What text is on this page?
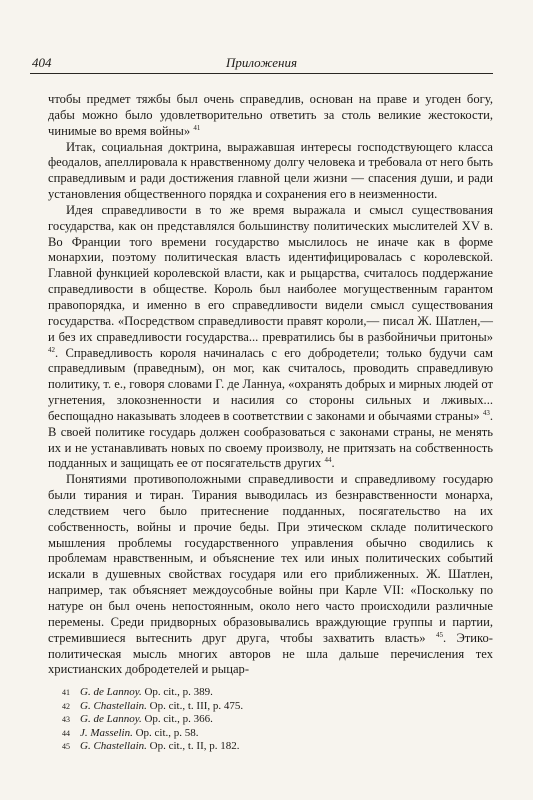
404	Приложения

чтобы предмет тяжбы был очень справедлив, основан на праве и угоден богу, дабы можно было удовлетворительно ответить за столь великие жестокости, чинимые во время войны» $^{41}$

Итак, социальная доктрина, выражавшая интересы господствующего класса феодалов, апеллировала к нравственному долгу человека и требовала от него быть справедливым и ради достижения главной цели жизни — спасения души, и ради установления общественного порядка и сохранения его в неизменности.

Идея справедливости в то же время выражала и смысл существования государства, как он представлялся большинству политических мыслителей XV в. Во Франции того времени государство мыслилось не иначе как в форме монархии, поэтому политическая власть идентифицировалась с королевской. Главной функцией королевской власти, как и рыцарства, считалось поддержание справедливости в обществе. Король был наиболее могущественным гарантом правопорядка, и именно в его справедливости видели смысл существования государства. «Посредством справедливости правят короли,— писал Ж. Шатлен,— и без их справедливости государства... превратились бы в разбойничьи притоны» $^{42}$. Справедливость короля начиналась с его добродетели; только будучи сам справедливым (праведным), он мог, как считалось, проводить справедливую политику, т. е., говоря словами Г. де Ланнуа, «охранять добрых и мирных людей от угнетения, злокозненности и насилия со стороны сильных и лживых... беспощадно наказывать злодеев в соответствии с законами и обычаями страны» $^{43}$. В своей политике государь должен сообразоваться с законами страны, не менять их и не устанавливать новых по своему произволу, не притязать на собственность подданных и защищать ее от посягательств других $^{44}$.

Понятиями противоположными справедливости и справедливому государю были тирания и тиран. Тирания выводилась из безнравственности монарха, следствием чего было притеснение подданных, посягательство на их собственность, войны и прочие беды. При этическом складе политического мышления проблемы государственного управления обычно сводились к проблемам нравственным, и объяснение тех или иных политических событий искали в душевных свойствах государя или его приближенных. Ж. Шатлен, например, так объясняет междоусобные войны при Карле VII: «Поскольку по натуре он был очень непостоянным, около него часто происходили различные перемены. Среди придворных образовывались враждующие группы и партии, стремившиеся вытеснить друг друга, чтобы захватить власть» $^{45}$. Этико-политическая мысль многих авторов не шла дальше перечисления тех христианских добродетелей и рыцар-

41 G. de Lannoy. Op. cit., p. 389.
42 G. Chastellain. Op. cit., t. III, p. 475.
43 G. de Lannoy. Op. cit., p. 366.
44 J. Masselin. Op. cit., p. 58.
45 G. Chastellain. Op. cit., t. II, p. 182.
